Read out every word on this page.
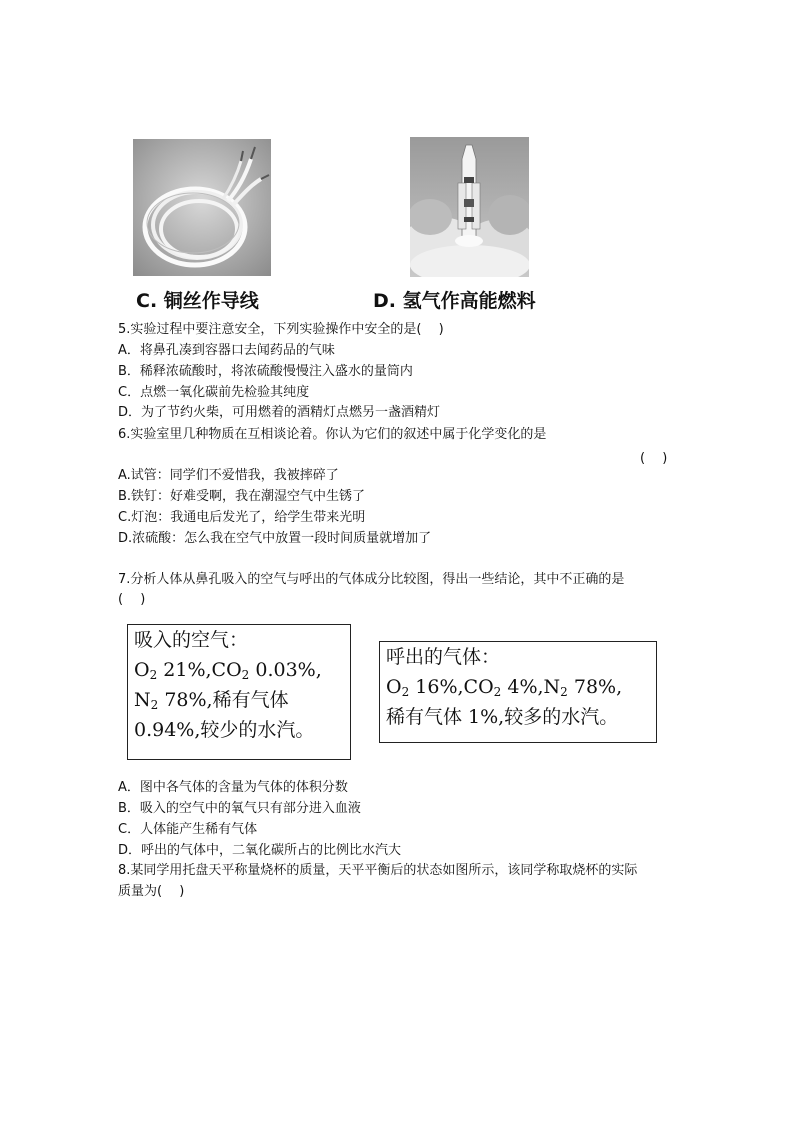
C. 铜丝作导线	D. 氢气作高能燃料
5.实验过程中要注意安全，下列实验操作中安全的是(　 )
A．将鼻孔凑到容器口去闻药品的气味
B．稀释浓硫酸时，将浓硫酸慢慢注入盛水的量筒内
C．点燃一氧化碳前先检验其纯度
D．为了节约火柴，可用燃着的酒精灯点燃另一盏酒精灯
6.实验室里几种物质在互相谈论着。你认为它们的叙述中属于化学变化的是
(　 )
A.试管：同学们不爱惜我，我被摔碎了
B.铁钉：好难受啊，我在潮湿空气中生锈了
C.灯泡：我通电后发光了，给学生带来光明
D.浓硫酸：怎么我在空气中放置一段时间质量就增加了
7.分析人体从鼻孔吸入的空气与呼出的气体成分比较图，得出一些结论，其中不正确的是
(　 )
吸入的空气：
$O_2$ $21\%,CO_2$ 0.03%,
$N_2$ 78%,稀有气体
0.94%,较少的水汽。
呼出的气体：
$O_2$ $16\%,CO_2$ $4\%,N_2$ 78%,
稀有气体 1%,较多的水汽。
A．图中各气体的含量为气体的体积分数
B．吸入的空气中的氧气只有部分进入血液
C．人体能产生稀有气体
D．呼出的气体中，二氧化碳所占的比例比水汽大
8.某同学用托盘天平称量烧杯的质量，天平平衡后的状态如图所示，该同学称取烧杯的实际
质量为(　 )
